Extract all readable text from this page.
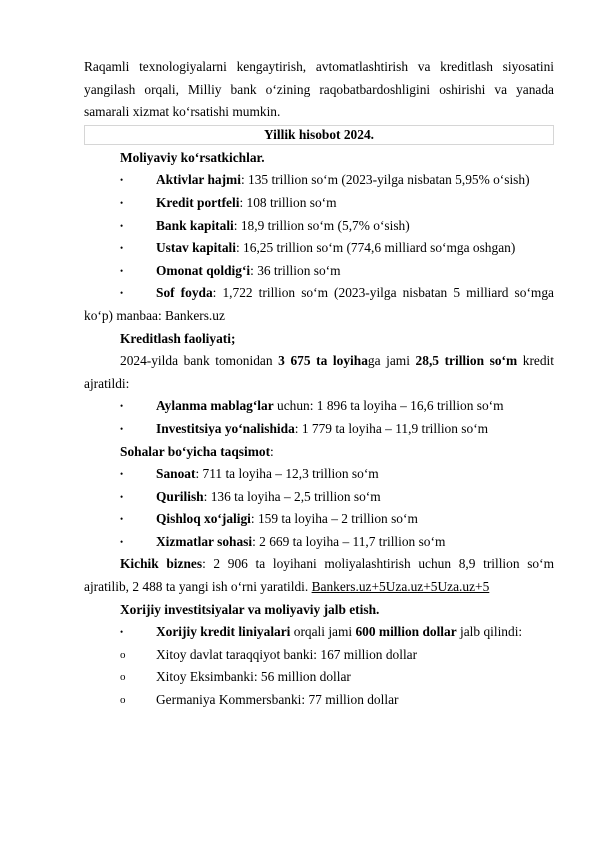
Raqamli texnologiyalarni kengaytirish, avtomatlashtirish va kreditlash siyosatini yangilash orqali, Milliy bank o‘zining raqobatbardoshligini oshirishi va yanada samarali xizmat ko‘rsatishi mumkin.

Yillik hisobot 2024.

Moliyaviy ko‘rsatkichlar.

•	Aktivlar hajmi: 135 trillion so‘m (2023-yilga nisbatan 5,95% o‘sish)
•	Kredit portfeli: 108 trillion so‘m
•	Bank kapitali: 18,9 trillion so‘m (5,7% o‘sish)
•	Ustav kapitali: 16,25 trillion so‘m (774,6 milliard so‘mga oshgan)
•	Omonat qoldig‘i: 36 trillion so‘m
•	Sof foyda: 1,722 trillion so‘m (2023-yilga nisbatan 5 milliard so‘mga ko‘p) manbaa: Bankers.uz

Kreditlash faoliyati;

2024-yilda bank tomonidan 3 675 ta loyihaga jami 28,5 trillion so‘m kredit ajratildi:

•	Aylanma mablag‘lar uchun: 1 896 ta loyiha – 16,6 trillion so‘m
•	Investitsiya yo‘nalishida: 1 779 ta loyiha – 11,9 trillion so‘m

Sohalar bo‘yicha taqsimot:

•	Sanoat: 711 ta loyiha – 12,3 trillion so‘m
•	Qurilish: 136 ta loyiha – 2,5 trillion so‘m
•	Qishloq xo‘jaligi: 159 ta loyiha – 2 trillion so‘m
•	Xizmatlar sohasi: 2 669 ta loyiha – 11,7 trillion so‘m

Kichik biznes: 2 906 ta loyihani moliyalashtirish uchun 8,9 trillion so‘m ajratilib, 2 488 ta yangi ish o‘rni yaratildi. Bankers.uz+5Uza.uz+5Uza.uz+5

Xorijiy investitsiyalar va moliyaviy jalb etish.

•	Xorijiy kredit liniyalari orqali jami 600 million dollar jalb qilindi:
o	Xitoy davlat taraqqiyot banki: 167 million dollar
o	Xitoy Eksimbanki: 56 million dollar
o	Germaniya Kommersbanki: 77 million dollar
